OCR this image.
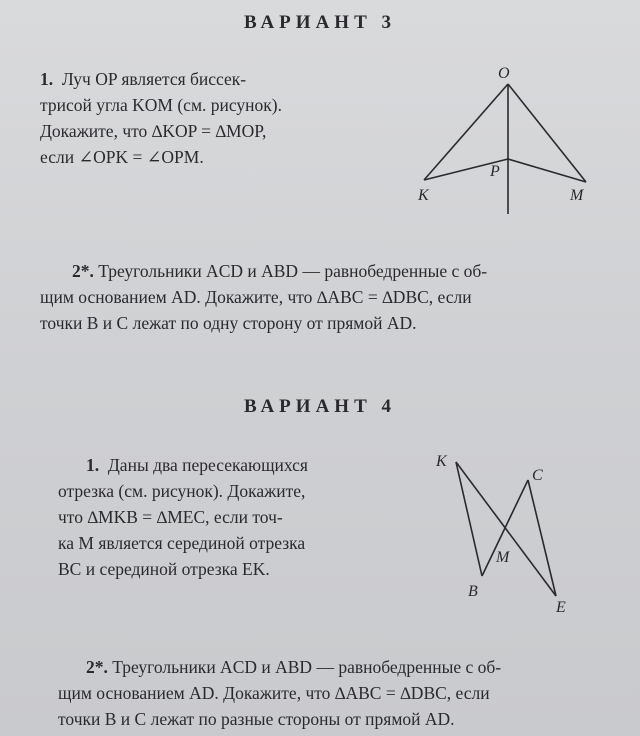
ВАРИАНТ 3
1. Луч OP является биссек-
трисой угла KOM (см. рисунок).
Докажите, что ∆KOP = ∆MOP,
если ∠OPK = ∠OPM.
O
P
K	M
2*. Треугольники ACD и ABD — равнобедренные с об-
щим основанием AD. Докажите, что ∆ABC = ∆DBC, если
точки B и C лежат по одну сторону от прямой AD.
ВАРИАНТ 4
1. Даны два пересекающихся
отрезка (см. рисунок). Докажите,
что ∆MKB = ∆MEC, если точ-
ка M является серединой отрезка
BC и серединой отрезка EK.
K
C
M
B
E
2*. Треугольники ACD и ABD — равнобедренные с об-
щим основанием AD. Докажите, что ∆ABC = ∆DBC, если
точки B и C лежат по разные стороны от прямой AD.
